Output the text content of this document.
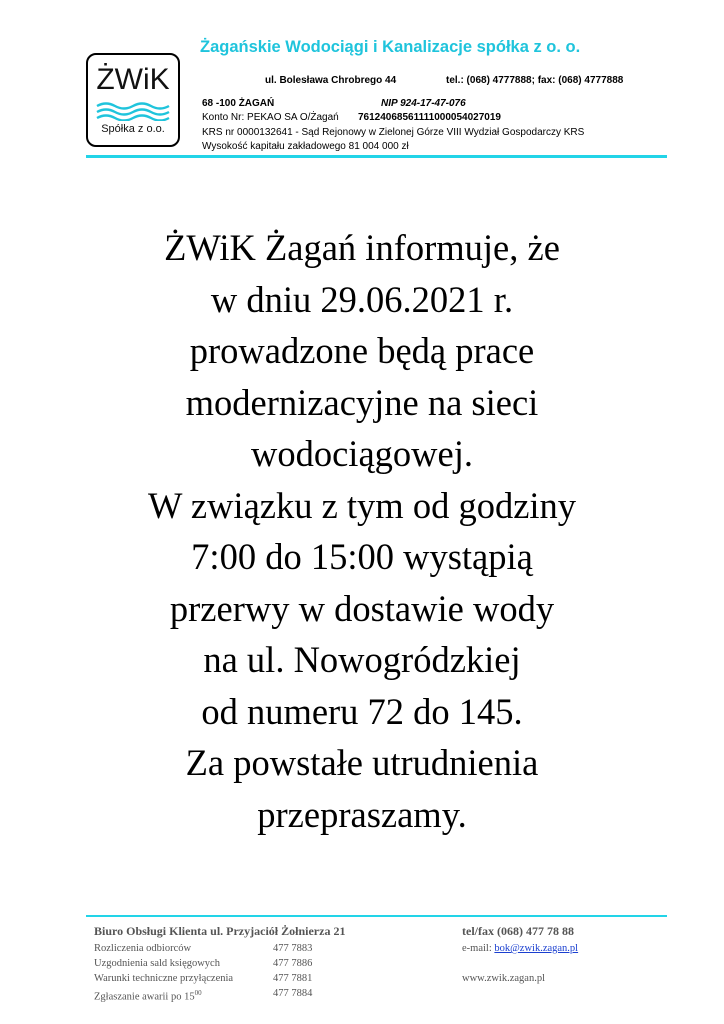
ŻWiK
Spółka z o.o.
Żagańskie Wodociągi i Kanalizacje spółka z o. o.
ul. Bolesława Chrobrego 44	tel.: (068) 4777888; fax: (068) 4777888
68 -100 ŻAGAŃ	NIP 924-17-47-076
Konto Nr: PEKAO SA O/Żagań 76124068561111000054027019
KRS nr 0000132641 - Sąd Rejonowy w Zielonej Górze VIII Wydział Gospodarczy KRS
Wysokość kapitału zakładowego 81 004 000 zł
ŻWiK Żagań informuje, że
w dniu 29.06.2021 r.
prowadzone będą prace
modernizacyjne na sieci
wodociągowej.
W związku z tym od godziny
7:00 do 15:00 wystąpią
przerwy w dostawie wody
na ul. Nowogródzkiej
od numeru 72 do 145.
Za powstałe utrudnienia
przepraszamy.
Biuro Obsługi Klienta ul. Przyjaciół Żołnierza 21	tel/fax (068) 477 78 88
Rozliczenia odbiorców	477 7883
Uzgodnienia sald księgowych	477 7886
Warunki techniczne przyłączenia	477 7881
Zgłaszanie awarii po $15^{00}$	477 7884
e-mail: bok@zwik.zagan.pl
www.zwik.zagan.pl
